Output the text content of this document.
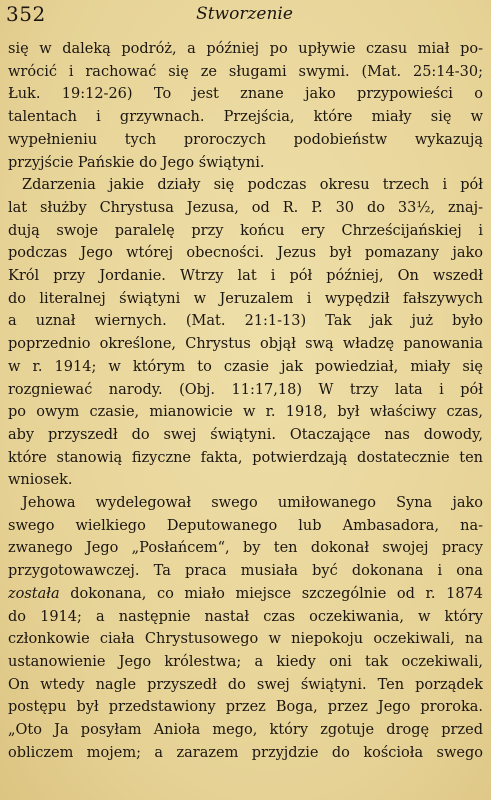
352	Stworzenie
się w daleką podróż, a później po upływie czasu miał po-
wrócić i rachować się ze sługami swymi. (Mat. 25:14-30;
Łuk. 19:12-26) To jest znane jako przypowieści o
talentach i grzywnach. Przejścia, które miały się w
wypełnieniu tych proroczych podobieństw wykazują
przyjście Pańskie do Jego świątyni.
Zdarzenia jakie działy się podczas okresu trzech i pół
lat służby Chrystusa Jezusa, od R. P. 30 do 33½, znaj-
dują swoje paralelę przy końcu ery Chrześcijańskiej i
podczas Jego wtórej obecności. Jezus był pomazany jako
Król przy Jordanie. Wtrzy lat i pół później, On wszedł
do literalnej świątyni w Jeruzalem i wypędził fałszywych
a uznał wiernych. (Mat. 21:1-13) Tak jak już było
poprzednio określone, Chrystus objął swą władzę panowania
w r. 1914; w którym to czasie jak powiedział, miały się
rozgniewać narody. (Obj. 11:17,18) W trzy lata i pół
po owym czasie, mianowicie w r. 1918, był właściwy czas,
aby przyszedł do swej świątyni. Otaczające nas dowody,
które stanowią fizyczne fakta, potwierdzają dostatecznie ten
wniosek.
Jehowa wydelegował swego umiłowanego Syna jako
swego wielkiego Deputowanego lub Ambasadora, na-
zwanego Jego „Posłańcem“, by ten dokonał swojej pracy
przygotowawczej. Ta praca musiała być dokonana i ona
została dokonana, co miało miejsce szczególnie od r. 1874
do 1914; a następnie nastał czas oczekiwania, w który
członkowie ciała Chrystusowego w niepokoju oczekiwali, na
ustanowienie Jego królestwa; a kiedy oni tak oczekiwali,
On wtedy nagle przyszedł do swej świątyni. Ten porządek
postępu był przedstawiony przez Boga, przez Jego proroka.
„Oto Ja posyłam Anioła mego, który zgotuje drogę przed
obliczem mojem; a zarazem przyjdzie do kościoła swego
